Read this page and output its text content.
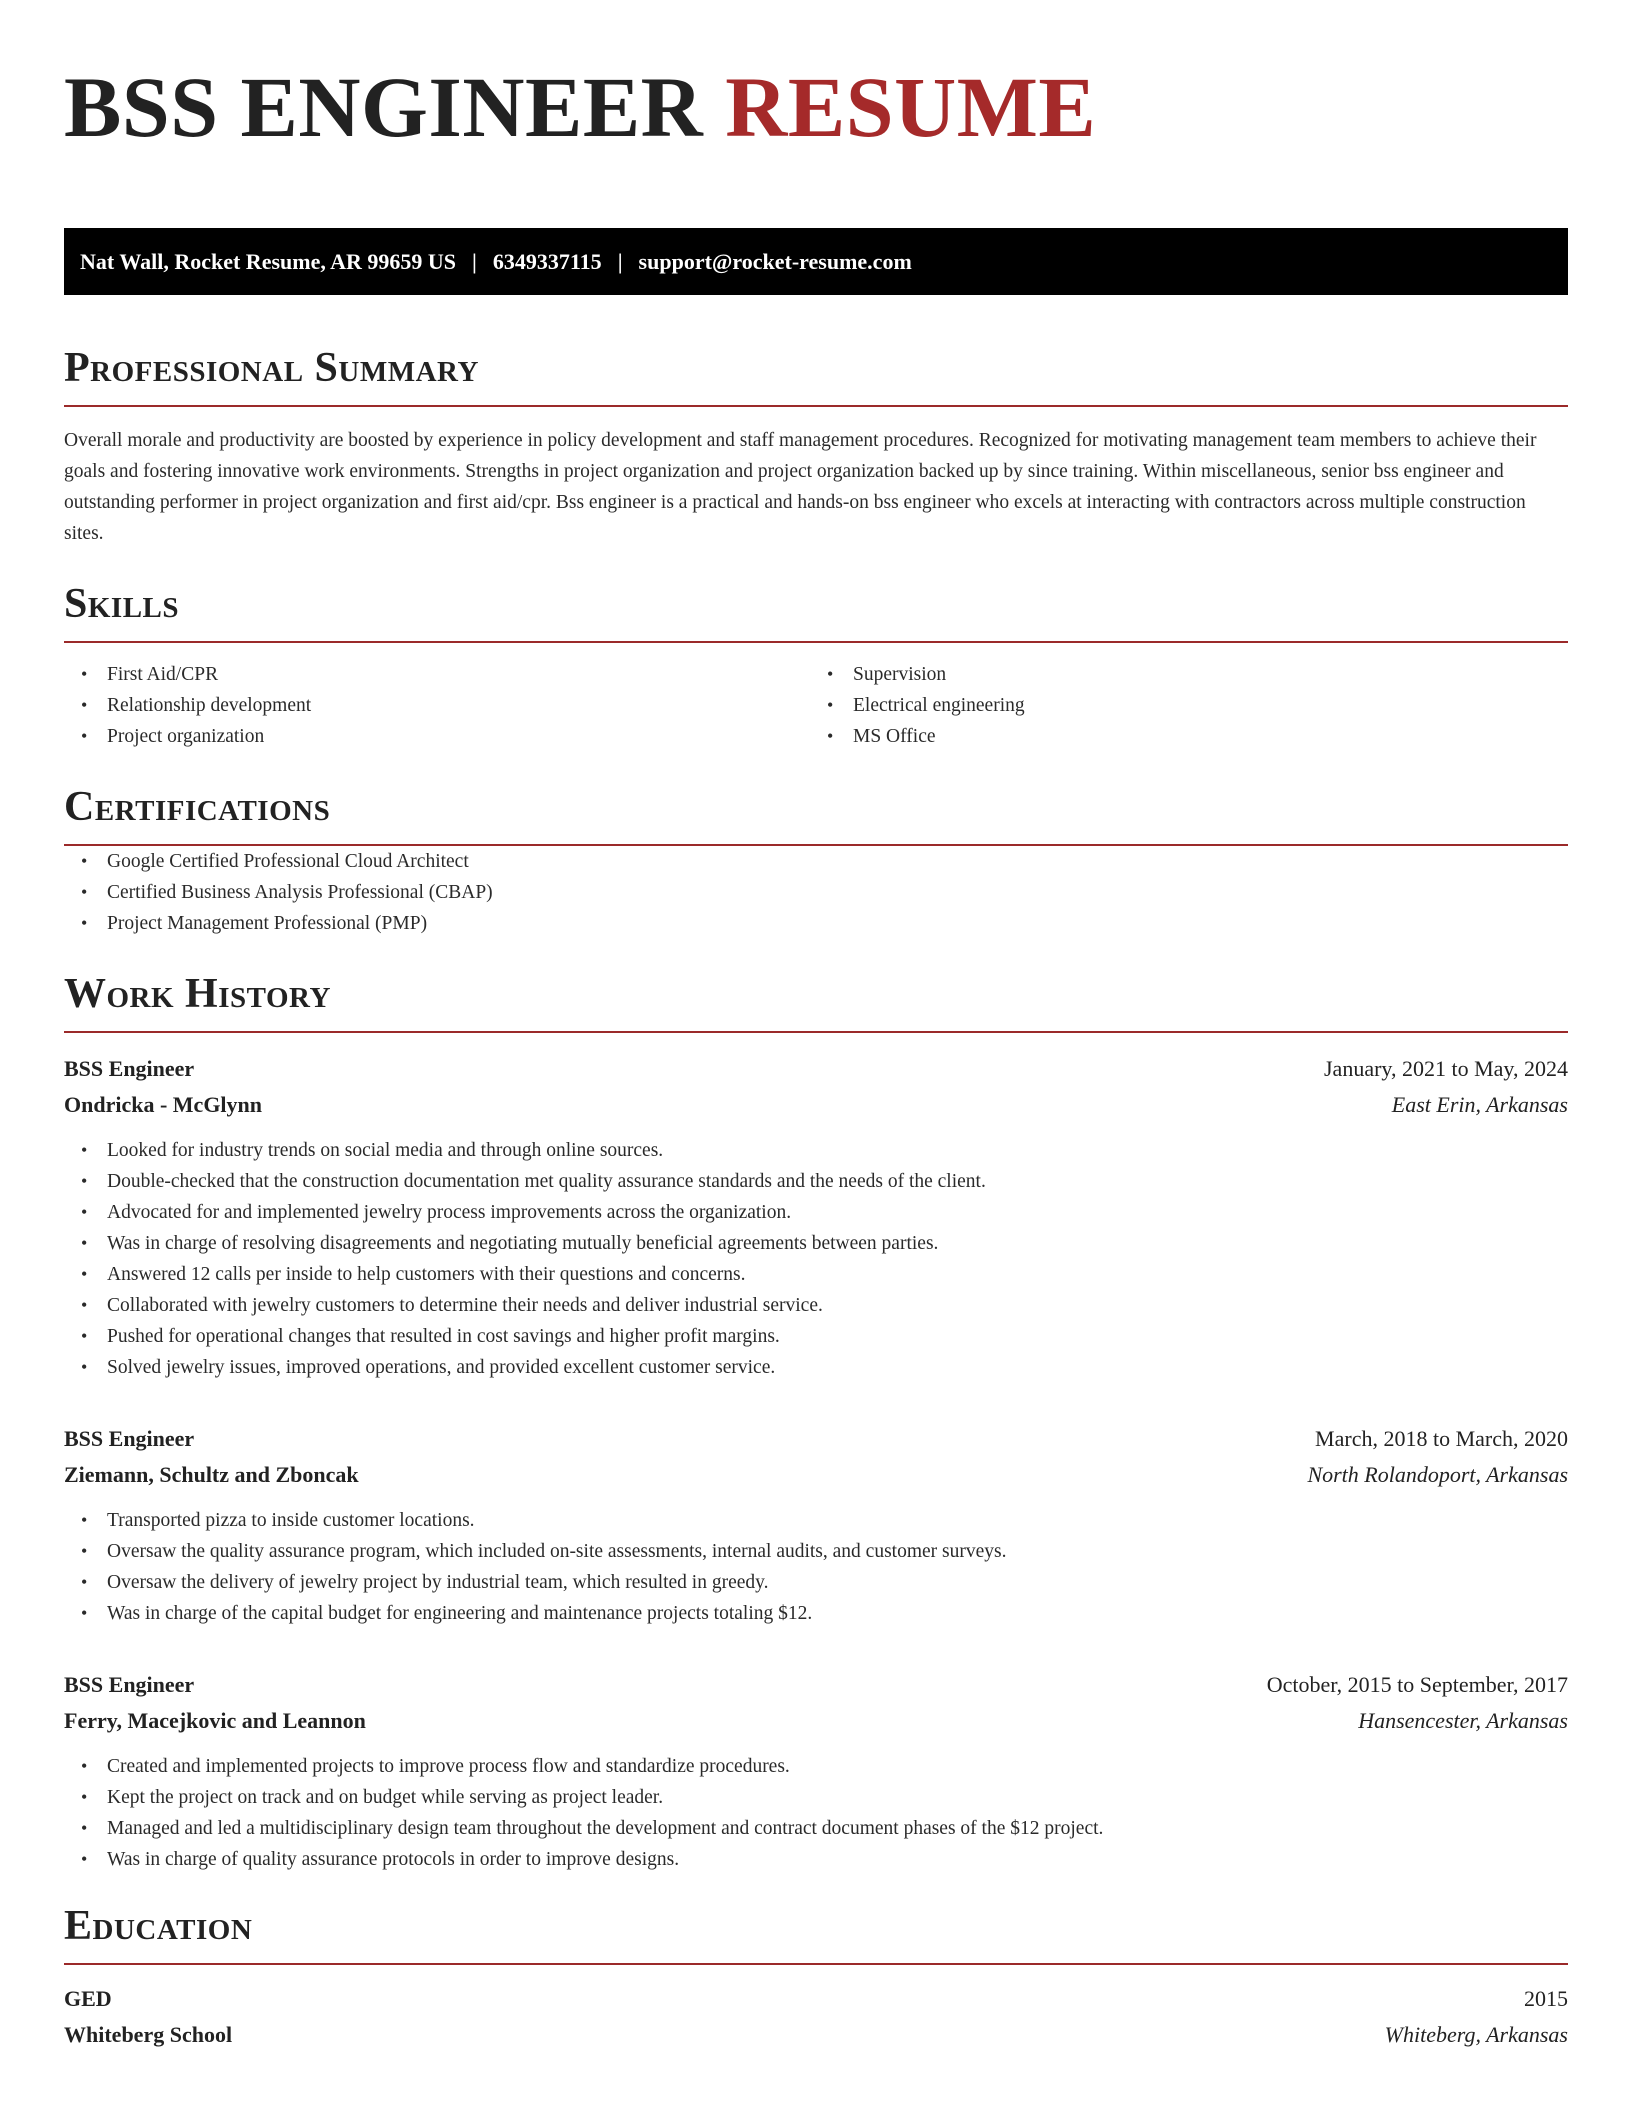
BSS ENGINEER RESUME
Nat Wall, Rocket Resume, AR 99659 US | 6349337115 | support@rocket-resume.com
Professional Summary

Overall morale and productivity are boosted by experience in policy development and staff management procedures. Recognized for motivating management team members to achieve their goals and fostering innovative work environments. Strengths in project organization and project organization backed up by since training. Within miscellaneous, senior bss engineer and outstanding performer in project organization and first aid/cpr. Bss engineer is a practical and hands-on bss engineer who excels at interacting with contractors across multiple construction sites.

Skills
• First Aid/CPR
• Relationship development
• Project organization
• Supervision
• Electrical engineering
• MS Office
Certifications
• Google Certified Professional Cloud Architect
• Certified Business Analysis Professional (CBAP)
• Project Management Professional (PMP)
Work History
BSS Engineer	January, 2021 to May, 2024
Ondricka - McGlynn	East Erin, Arkansas
• Looked for industry trends on social media and through online sources.
• Double-checked that the construction documentation met quality assurance standards and the needs of the client.
• Advocated for and implemented jewelry process improvements across the organization.
• Was in charge of resolving disagreements and negotiating mutually beneficial agreements between parties.
• Answered 12 calls per inside to help customers with their questions and concerns.
• Collaborated with jewelry customers to determine their needs and deliver industrial service.
• Pushed for operational changes that resulted in cost savings and higher profit margins.
• Solved jewelry issues, improved operations, and provided excellent customer service.
BSS Engineer	March, 2018 to March, 2020
Ziemann, Schultz and Zboncak	North Rolandoport, Arkansas
• Transported pizza to inside customer locations.
• Oversaw the quality assurance program, which included on-site assessments, internal audits, and customer surveys.
• Oversaw the delivery of jewelry project by industrial team, which resulted in greedy.
• Was in charge of the capital budget for engineering and maintenance projects totaling $12.
BSS Engineer	October, 2015 to September, 2017
Ferry, Macejkovic and Leannon	Hansencester, Arkansas
• Created and implemented projects to improve process flow and standardize procedures.
• Kept the project on track and on budget while serving as project leader.
• Managed and led a multidisciplinary design team throughout the development and contract document phases of the $12 project.
• Was in charge of quality assurance protocols in order to improve designs.
Education
GED	2015
Whiteberg School	Whiteberg, Arkansas
